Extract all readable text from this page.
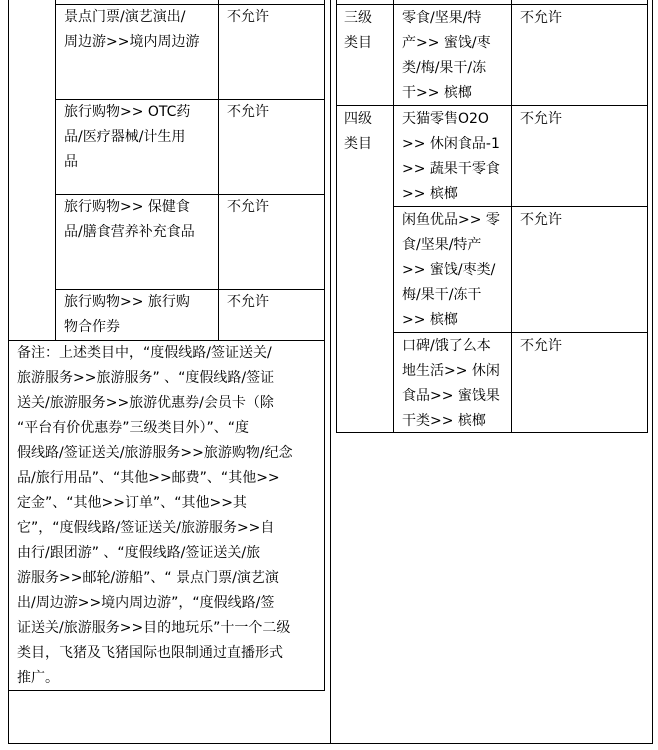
景点门票/演艺演出/
周边游>>境内周边游
不允许
旅行购物>> OTC药
品/医疗器械/计生用
品
不允许
旅行购物>> 保健食
品/膳食营养补充食品
不允许
旅行购物>> 旅行购
物合作券
不允许
备注：上述类目中，“度假线路/签证送关/
旅游服务>>旅游服务” 、“度假线路/签证
送关/旅游服务>>旅游优惠券/会员卡（除
“平台有价优惠券”三级类目外）”、“度
假线路/签证送关/旅游服务>>旅游购物/纪念
品/旅行用品”、“其他>>邮费”、“其他>>
定金”、“其他>>订单”、“其他>>其
它”，“度假线路/签证送关/旅游服务>>自
由行/跟团游” 、“度假线路/签证送关/旅
游服务>>邮轮/游船”、“ 景点门票/演艺演
出/周边游>>境内周边游”，“度假线路/签
证送关/旅游服务>>目的地玩乐”十一个二级
类目，飞猪及飞猪国际也限制通过直播形式
推广。
三级
类目
零食/坚果/特
产>> 蜜饯/枣
类/梅/果干/冻
干>> 槟榔
不允许
四级
类目
天猫零售O2O
>> 休闲食品-1
>> 蔬果干零食
>> 槟榔
不允许
闲鱼优品>> 零
食/坚果/特产
>> 蜜饯/枣类/
梅/果干/冻干
>> 槟榔
不允许
口碑/饿了么本
地生活>> 休闲
食品>> 蜜饯果
干类>> 槟榔
不允许
